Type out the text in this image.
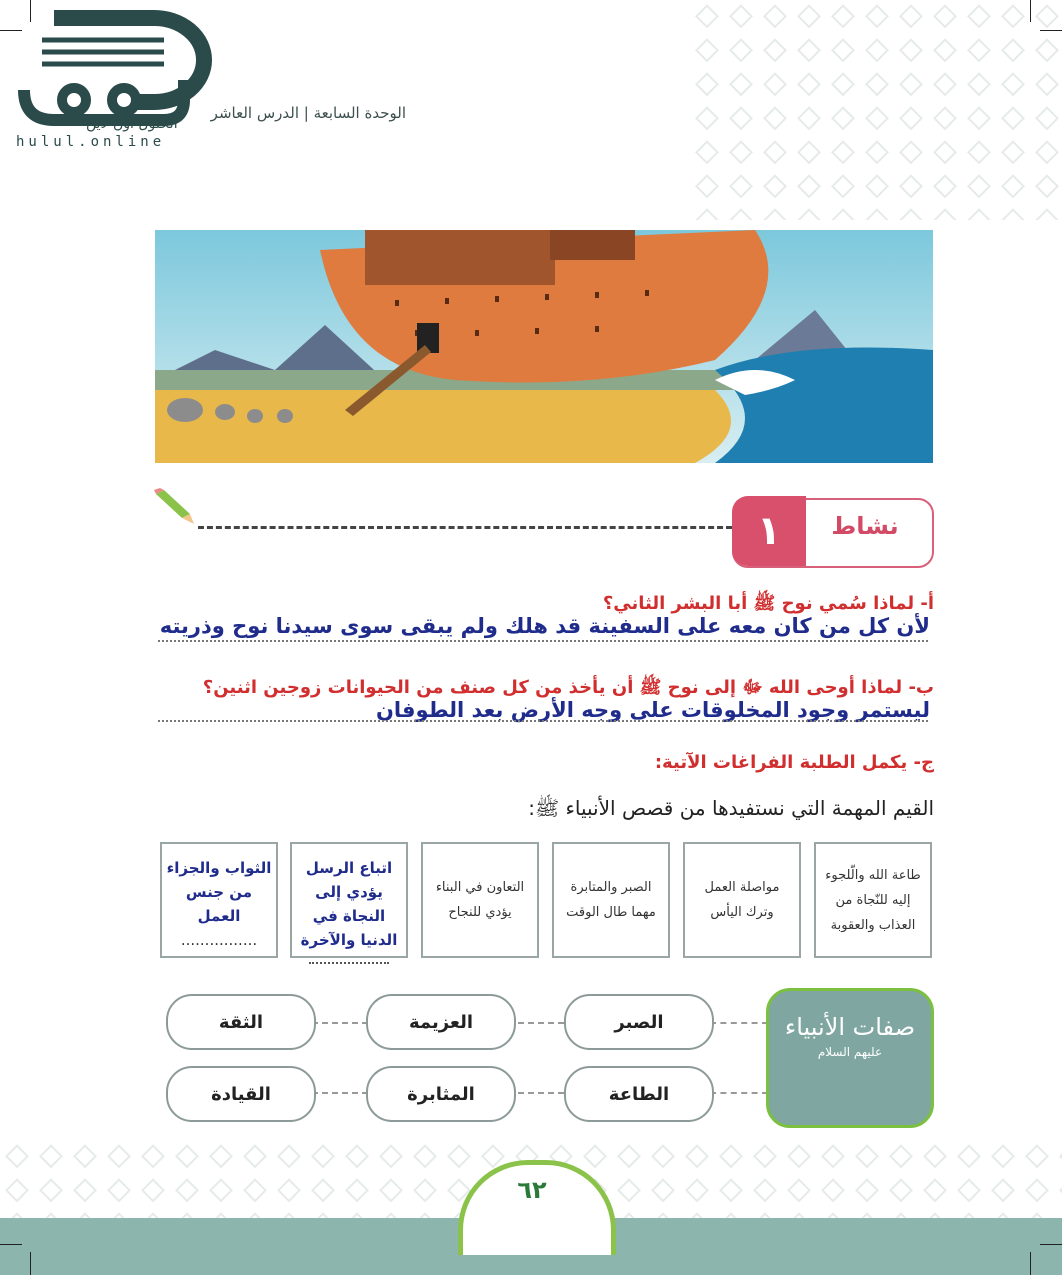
الوحدة السابعة | الدرس العاشر
الحلول اون لاين
hulul.online
١	نشاط
أ- لماذا سُمي نوح ﷺ أبا البشر الثاني؟
لأن كل من كان معه على السفينة قد هلك ولم يبقى سوى سيدنا نوح وذريته
ب- لماذا أوحى الله ﷻ إلى نوح ﷺ أن يأخذ من كل صنف من الحيوانات زوجين اثنين؟
ليستمر وجود المخلوقات على وجه الأرض بعد الطوفان
ج- يكمل الطلبة الفراغات الآتية:
القيم المهمة التي نستفيدها من قصص الأنبياء ﷺ:
طاعة الله والّلجوء إليه للنّجاة من العذاب والعقوبة
مواصلة العمل وترك اليأس
الصبر والمتابرة مهما طال الوقت
التعاون في البناء يؤدي للنجاح
اتباع الرسل يؤدي إلى النجاة في الدنيا والآخرة
الثواب والجزاء من جنس العمل
................
الصبر
العزيمة
الثقة
الطاعة
المثابرة
القيادة
صفات الأنبياء
عليهم السلام
٦٢
